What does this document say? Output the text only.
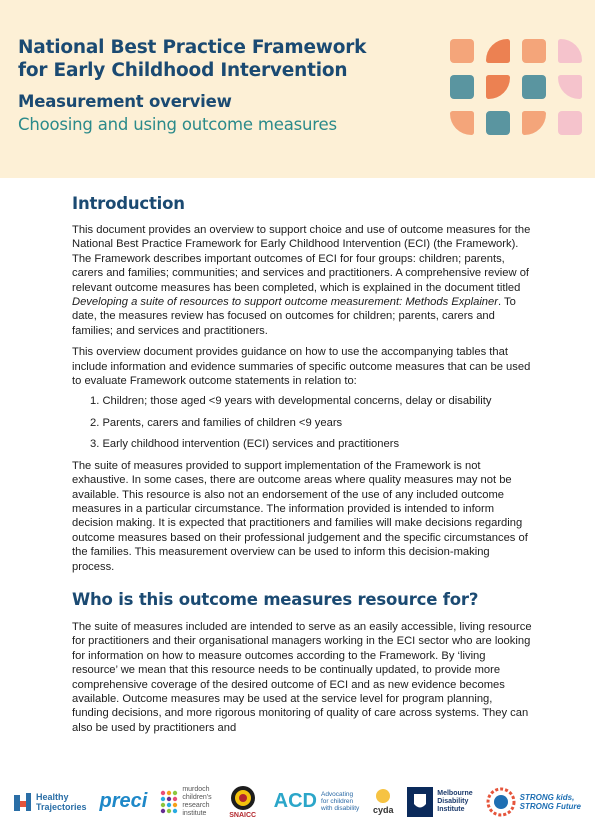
National Best Practice Framework
for Early Childhood Intervention
Measurement overview
Choosing and using outcome measures
Introduction

This document provides an overview to support choice and use of outcome measures for the National Best Practice Framework for Early Childhood Intervention (ECI) (the Framework). The Framework describes important outcomes of ECI for four groups: children; parents, carers and families; communities; and services and practitioners. A comprehensive review of relevant outcome measures has been completed, which is explained in the document titled Developing a suite of resources to support outcome measurement: Methods Explainer. To date, the measures review has focused on outcomes for children; parents, carers and families; and services and practitioners.

This overview document provides guidance on how to use the accompanying tables that include information and evidence summaries of specific outcome measures that can be used to evaluate Framework outcome statements in relation to:

1. Children; those aged <9 years with developmental concerns, delay or disability
2. Parents, carers and families of children <9 years
3. Early childhood intervention (ECI) services and practitioners

The suite of measures provided to support implementation of the Framework is not exhaustive. In some cases, there are outcome areas where quality measures may not be available. This resource is also not an endorsement of the use of any included outcome measures in a particular circumstance. The information provided is intended to inform decision making. It is expected that practitioners and families will make decisions regarding outcome measures based on their professional judgement and the specific circumstances of the families. This measurement overview can be used to inform this decision-making process.

Who is this outcome measures resource for?

The suite of measures included are intended to serve as an easily accessible, living resource for practitioners and their organisational managers working in the ECI sector who are looking for information on how to measure outcomes according to the Framework. By ‘living resource’ we mean that this resource needs to be continually updated, to provide more comprehensive coverage of the desired outcome of ECI and as new evidence becomes available. Outcome measures may be used at the service level for program planning, funding decisions, and more rigorous monitoring of quality of care across systems. They can also be used by practitioners and

Healthy
Trajectories preci
murdoch
children's
research
institute	SNAICC
ACD Advocating
for children
with disability cyda
Melbourne
Disability
Institute
STRONG kids,
STRONG Future
